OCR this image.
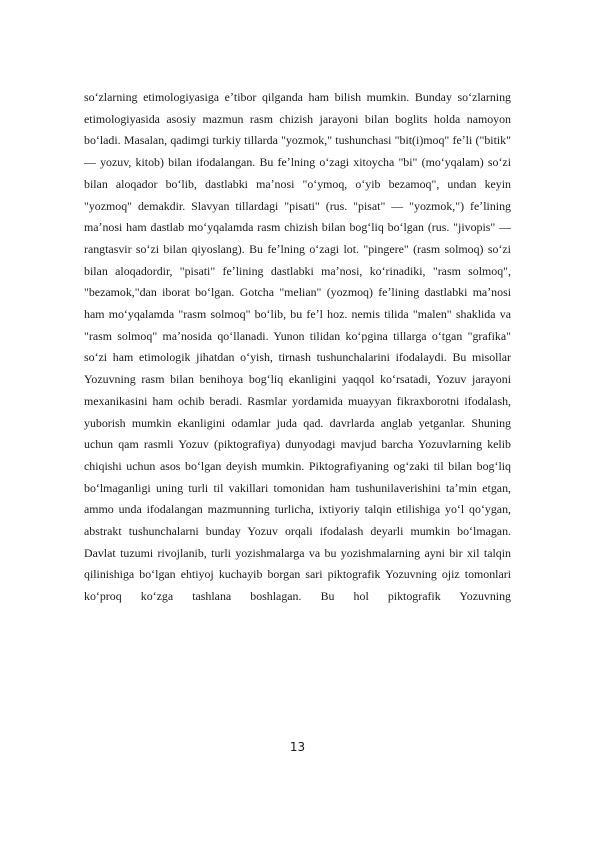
soʻzlarning etimologiyasiga eʼtibor qilganda ham bilish mumkin. Bunday soʻzlarning etimologiyasida asosiy mazmun rasm chizish jarayoni bilan boglits holda namoyon boʻladi. Masalan, qadimgi turkiy tillarda "yozmok," tushunchasi "bit(i)moq" feʼli ("bitik" — yozuv, kitob) bilan ifodalangan. Bu feʼlning oʻzagi xitoycha "bi" (moʻyqalam) soʻzi bilan aloqador boʻlib, dastlabki maʼnosi "oʻymoq, oʻyib bezamoq", undan keyin "yozmoq" demakdir. Slavyan tillardagi "pisati" (rus. "pisat" — "yozmok,") feʼlining maʼnosi ham dastlab moʻyqalamda rasm chizish bilan bogʻliq boʻlgan (rus. "jivopis" — rangtasvir soʻzi bilan qiyoslang). Bu feʼlning oʻzagi lot. "pingere" (rasm solmoq) soʻzi bilan aloqadordir, "pisati" feʼlining dastlabki maʼnosi, koʻrinadiki, "rasm solmoq", "bezamok,"dan iborat boʻlgan. Gotcha "melian" (yozmoq) feʼlining dastlabki maʼnosi ham moʻyqalamda "rasm solmoq" boʻlib, bu feʼl hoz. nemis tilida "malen" shaklida va "rasm solmoq" maʼnosida qoʻllanadi. Yunon tilidan koʻpgina tillarga oʻtgan "grafika" soʻzi ham etimologik jihatdan oʻyish, tirnash tushunchalarini ifodalaydi. Bu misollar Yozuvning rasm bilan benihoya bogʻliq ekanligini yaqqol koʻrsatadi, Yozuv jarayoni mexanikasini ham ochib beradi. Rasmlar yordamida muayyan fikraxborotni ifodalash, yuborish mumkin ekanligini odamlar juda qad. davrlarda anglab yetganlar. Shuning uchun qam rasmli Yozuv (piktografiya) dunyodagi mavjud barcha Yozuvlarning kelib chiqishi uchun asos boʻlgan deyish mumkin. Piktografiyaning ogʻzaki til bilan bogʻliq boʻlmaganligi uning turli til vakillari tomonidan ham tushunilaverishini taʼmin etgan, ammo unda ifodalangan mazmunning turlicha, ixtiyoriy talqin etilishiga yoʻl qoʻygan, abstrakt tushunchalarni bunday Yozuv orqali ifodalash deyarli mumkin boʻlmagan. Davlat tuzumi rivojlanib, turli yozishmalarga va bu yozishmalarning ayni bir xil talqin qilinishiga boʻlgan ehtiyoj kuchayib borgan sari piktografik Yozuvning ojiz tomonlari koʻproq koʻzga tashlana boshlagan. Bu hol piktografik Yozuvning

13
